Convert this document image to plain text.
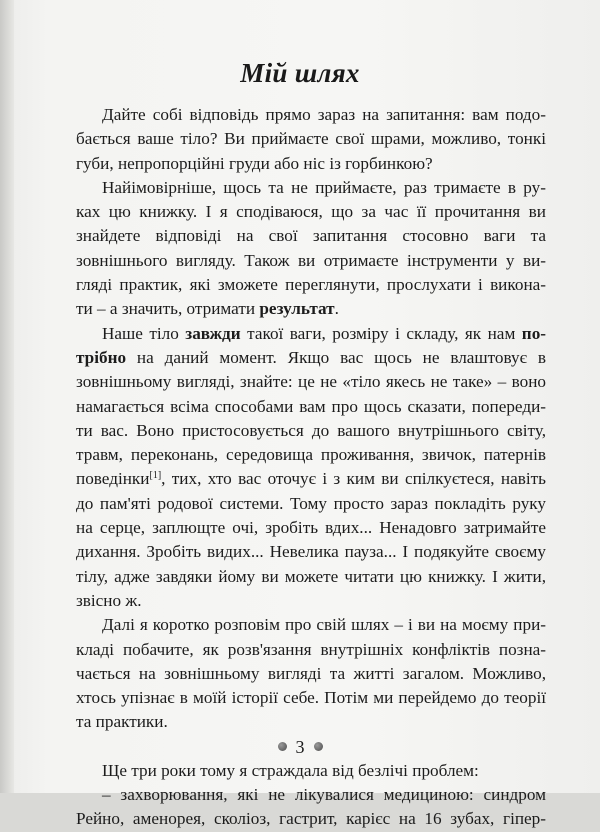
Мій шлях
Дайте собі відповідь прямо зараз на запитання: вам подо-
бається ваше тіло? Ви приймаєте свої шрами, можливо, тонкі
губи, непропорційні груди або ніс із горбинкою?
Найімовірніше, щось та не приймаєте, раз тримаєте в ру-
ках цю книжку. І я сподіваюся, що за час її прочитання ви
знайдете відповіді на свої запитання стосовно ваги та
зовнішнього вигляду. Також ви отримаєте інструменти у ви-
гляді практик, які зможете переглянути, прослухати і викона-
ти – а значить, отримати результат.
Наше тіло завжди такої ваги, розміру і складу, як нам по-
трібно на даний момент. Якщо вас щось не влаштовує в
зовнішньому вигляді, знайте: це не «тіло якесь не таке» – воно
намагається всіма способами вам про щось сказати, попереди-
ти вас. Воно пристосовується до вашого внутрішнього світу,
травм, переконань, середовища проживання, звичок, патернів
поведінки[1], тих, хто вас оточує і з ким ви спілкуєтеся, навіть
до пам'яті родової системи. Тому просто зараз покладіть руку
на серце, заплющте очі, зробіть вдих... Ненадовго затримайте
дихання. Зробіть видих... Невелика пауза... І подякуйте своєму
тілу, адже завдяки йому ви можете читати цю книжку. І жити,
звісно ж.
Далі я коротко розповім про свій шлях – і ви на моєму при-
кладі побачите, як розв'язання внутрішніх конфліктів позна-
чається на зовнішньому вигляді та житті загалом. Можливо,
хтось упізнає в моїй історії себе. Потім ми перейдемо до теорії
та практики.
Ще три роки тому я страждала від безлічі проблем:
– захворювання, які не лікувалися медициною: синдром
Рейно, аменорея, сколіоз, гастрит, карієс на 16 зубах, гіпер-
3
